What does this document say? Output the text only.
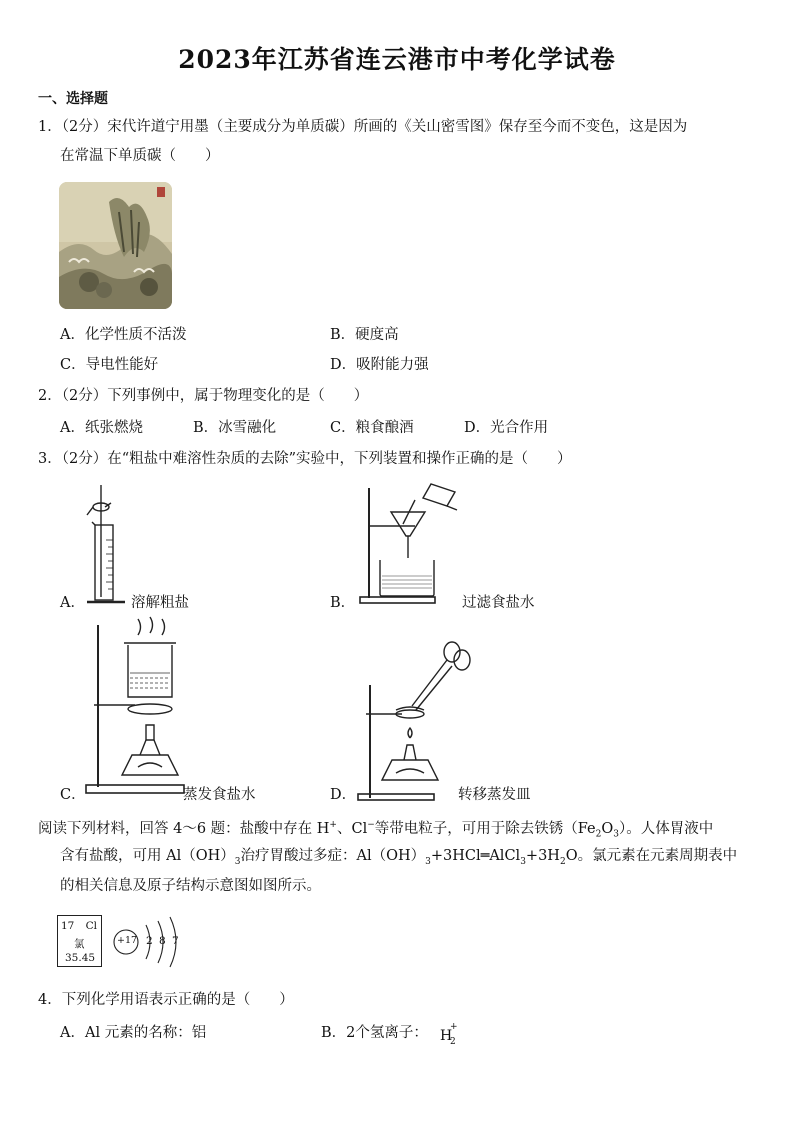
2023年江苏省连云港市中考化学试卷
一、选择题
1．（2分）宋代许道宁用墨（主要成分为单质碳）所画的《关山密雪图》保存至今而不变色，这是因为
在常温下单质碳（　　）
A．化学性质不活泼	B．硬度高
C．导电性能好	D．吸附能力强
2．（2分）下列事例中，属于物理变化的是（　　）
A．纸张燃烧	B．冰雪融化	C．粮食酿酒	D．光合作用
3．（2分）在“粗盐中难溶性杂质的去除”实验中，下列装置和操作正确的是（　　）
A．	溶解粗盐	B．	过滤食盐水
C．	蒸发食盐水	D．	转移蒸发皿
阅读下列材料，回答 4～6 题：盐酸中存在 H+、Cl−等带电粒子，可用于除去铁锈$(Fe_2O_3)$。人体胃液中
含有盐酸，可用 $Al(OH)_3$治疗胃酸过多症：$Al(OH)_3+3HCl═AlCl_3+3H_2O$。氯元素在元素周期表中
的相关信息及原子结构示意图如图所示。
17 Cl
氯
35.45
+17 2 8 7
4．下列化学用语表示正确的是（　　）
A．Al 元素的名称：铝	B．2个氢离子： H
+
2
